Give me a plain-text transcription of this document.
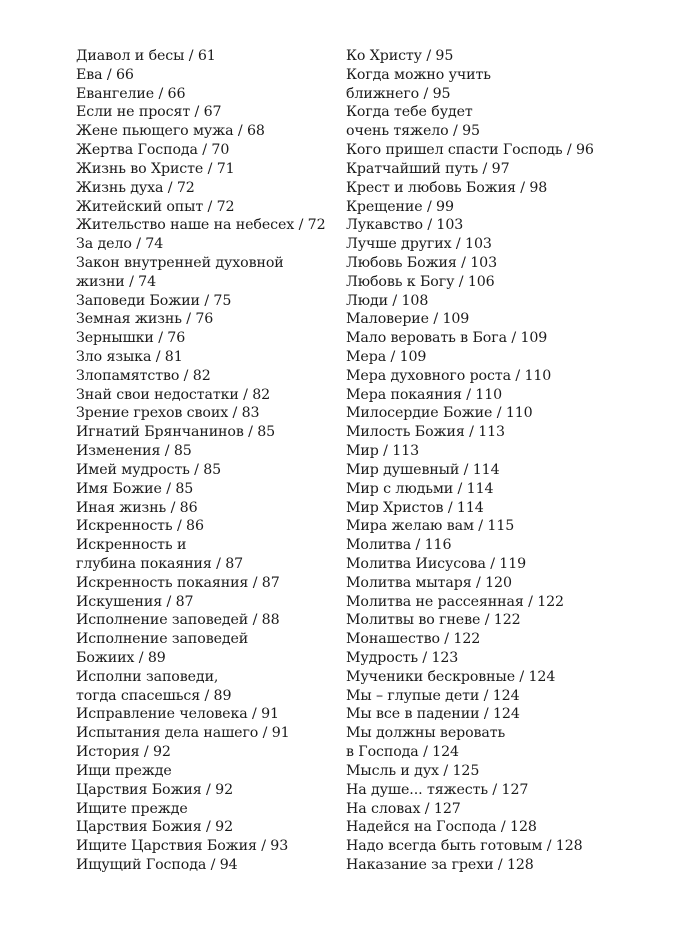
Диавол и бесы / 61
Ева / 66
Евангелие / 66
Если не просят / 67
Жене пьющего мужа / 68
Жертва Господа / 70
Жизнь во Христе / 71
Жизнь духа / 72
Житейский опыт / 72
Жительство наше на небесех / 72
За дело / 74
Закон внутренней духовной
жизни / 74
Заповеди Божии / 75
Земная жизнь / 76
Зернышки / 76
Зло языка / 81
Злопамятство / 82
Знай свои недостатки / 82
Зрение грехов своих / 83
Игнатий Брянчанинов / 85
Изменения / 85
Имей мудрость / 85
Имя Божие / 85
Иная жизнь / 86
Искренность / 86
Искренность и
глубина покаяния / 87
Искренность покаяния / 87
Искушения / 87
Исполнение заповедей / 88
Исполнение заповедей
Божиих / 89
Исполни заповеди,
тогда спасешься / 89
Исправление человека / 91
Испытания дела нашего / 91
История / 92
Ищи прежде
Царствия Божия / 92
Ищите прежде
Царствия Божия / 92
Ищите Царствия Божия / 93
Ищущий Господа / 94
Ко Христу / 95
Когда можно учить
ближнего / 95
Когда тебе будет
очень тяжело / 95
Кого пришел спасти Господь / 96
Кратчайший путь / 97
Крест и любовь Божия / 98
Крещение / 99
Лукавство / 103
Лучше других / 103
Любовь Божия / 103
Любовь к Богу / 106
Люди / 108
Маловерие / 109
Мало веровать в Бога / 109
Мера / 109
Мера духовного роста / 110
Мера покаяния / 110
Милосердие Божие / 110
Милость Божия / 113
Мир / 113
Мир душевный / 114
Мир с людьми / 114
Мир Христов / 114
Мира желаю вам / 115
Молитва / 116
Молитва Иисусова / 119
Молитва мытаря / 120
Молитва не рассеянная / 122
Молитвы во гневе / 122
Монашество / 122
Мудрость / 123
Мученики бескровные / 124
Мы – глупые дети / 124
Мы все в падении / 124
Мы должны веровать
в Господа / 124
Мысль и дух / 125
На душе... тяжесть / 127
На словах / 127
Надейся на Господа / 128
Надо всегда быть готовым / 128
Наказание за грехи / 128
